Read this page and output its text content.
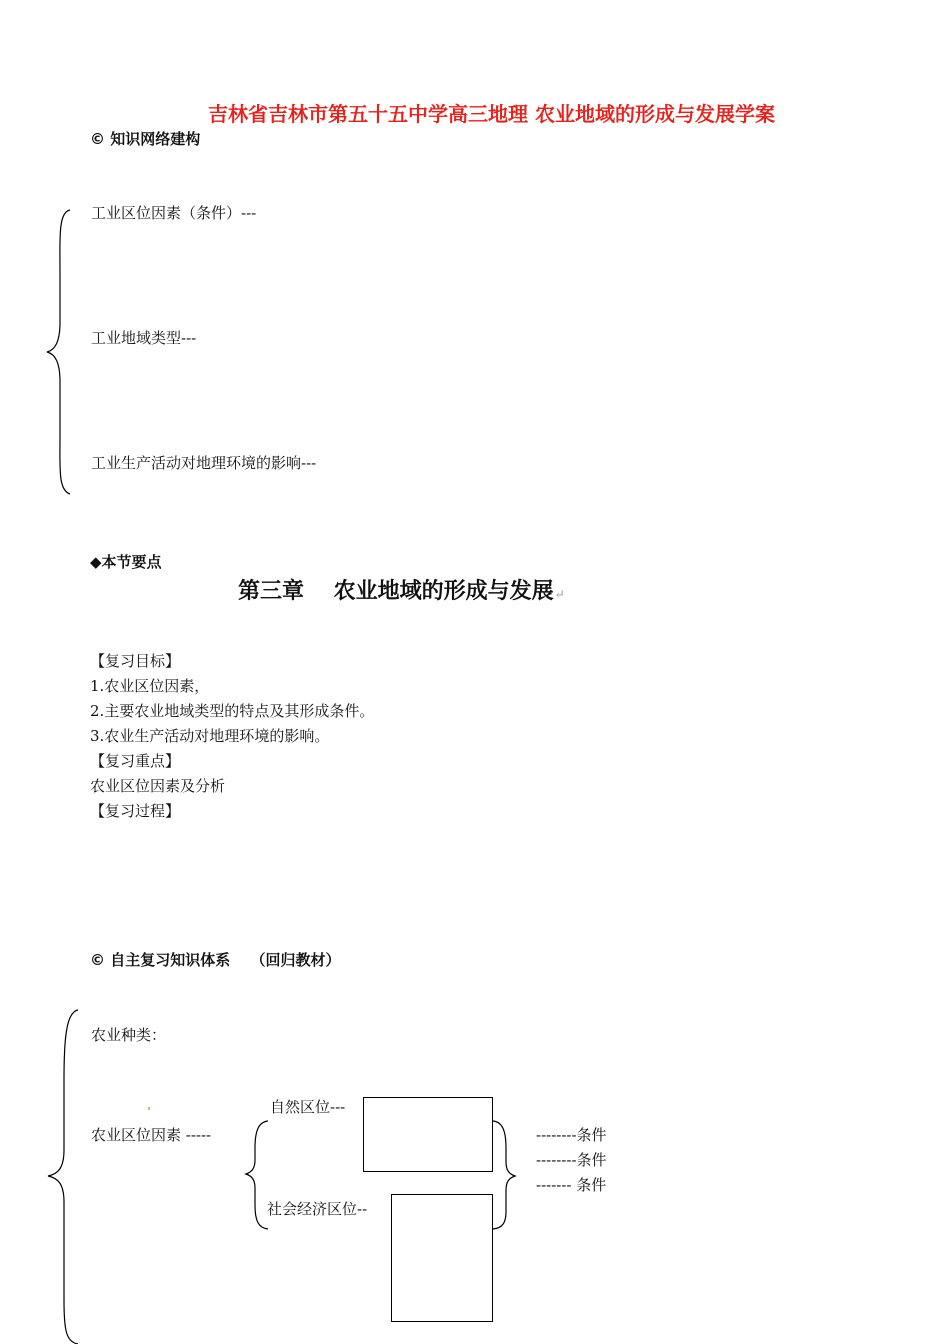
吉林省吉林市第五十五中学高三地理 农业地域的形成与发展学案
© 知识网络建构
工业区位因素（条件）---
工业地域类型---
工业生产活动对地理环境的影响---
◆本节要点
第三章　 农业地域的形成与发展↵
【复习目标】
1.农业区位因素，
2.主要农业地域类型的特点及其形成条件。
3.农业生产活动对地理环境的影响。
【复习重点】
农业区位因素及分析
【复习过程】
© 自主复习知识体系　 （回归教材）
农业种类：
农业区位因素 -----
自然区位---
社会经济区位--
--------条件
--------条件
------- 条件
